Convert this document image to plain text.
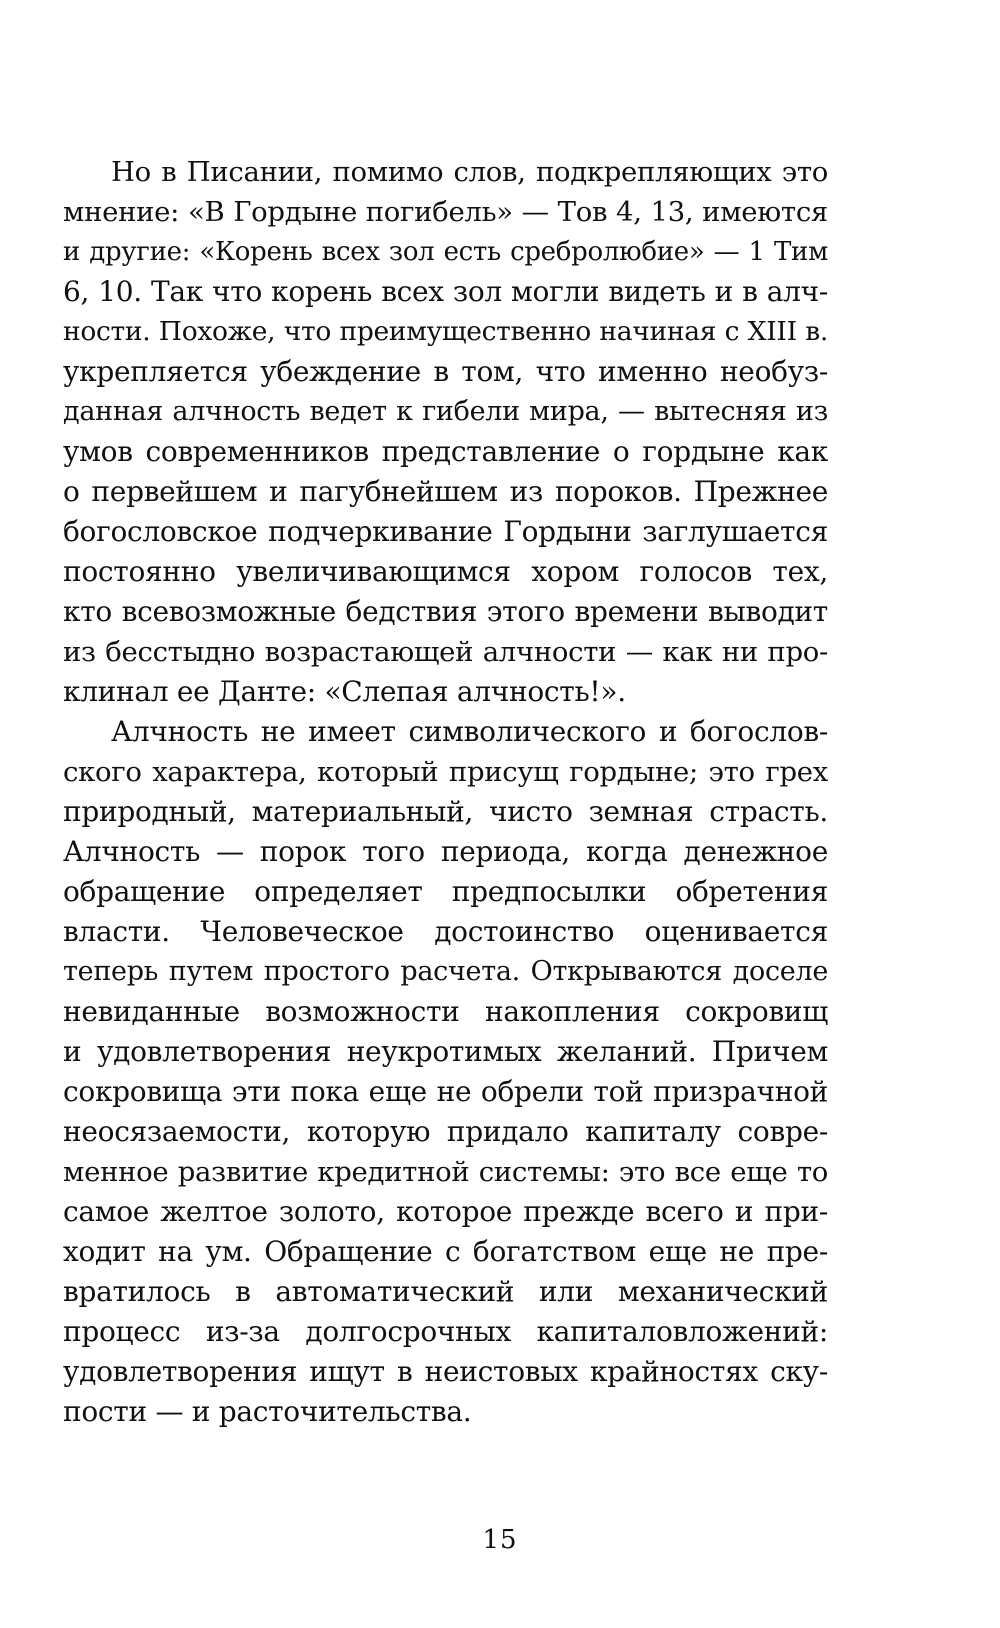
Но в Писании, помимо слов, подкрепляющих это
мнение: «В Гордыне погибель» — Тов 4, 13, имеются
и другие: «Корень всех зол есть сребролюбие» — 1 Тим
6, 10. Так что корень всех зол могли видеть и в алч-
ности. Похоже, что преимущественно начиная с XIII в.
укрепляется убеждение в том, что именно необуз-
данная алчность ведет к гибели мира, — вытесняя из
умов современников представление о гордыне как
о первейшем и пагубнейшем из пороков. Прежнее
богословское подчеркивание Гордыни заглушается
постоянно увеличивающимся хором голосов тех,
кто всевозможные бедствия этого времени выводит
из бесстыдно возрастающей алчности — как ни про-
клинал ее Данте: «Слепая алчность!».
Алчность не имеет символического и богослов-
ского характера, который присущ гордыне; это грех
природный, материальный, чисто земная страсть.
Алчность — порок того периода, когда денежное
обращение определяет предпосылки обретения
власти. Человеческое достоинство оценивается
теперь путем простого расчета. Открываются доселе
невиданные возможности накопления сокровищ
и удовлетворения неукротимых желаний. Причем
сокровища эти пока еще не обрели той призрачной
неосязаемости, которую придало капиталу совре-
менное развитие кредитной системы: это все еще то
самое желтое золото, которое прежде всего и при-
ходит на ум. Обращение с богатством еще не пре-
вратилось в автоматический или механический
процесс из-за долгосрочных капиталовложений:
удовлетворения ищут в неистовых крайностях ску-
пости — и расточительства.
15
